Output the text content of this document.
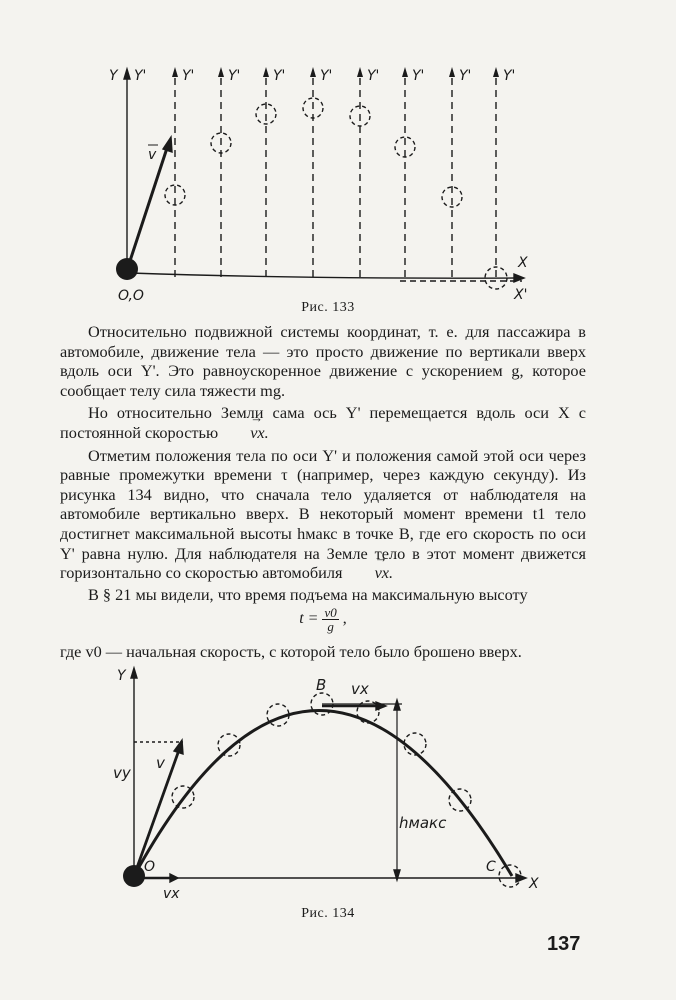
Y Y'	Y' Y' Y' Y' Y' Y' Y' Y'
v
O,O
X
X'
Рис. 133

Относительно подвижной системы координат, т. е. для пассажира в автомобиле, движение тела — это просто движение по вертикали вверх вдоль оси Y'. Это равноускоренное движение с ускорением g, которое сообщает телу сила тяжести mg.

Но относительно Земли сама ось Y' перемещается вдоль оси X с постоянной скоростью → vx.

Отметим положения тела по оси Y' и положения самой этой оси через равные промежутки времени τ (например, через каждую секунду). Из рисунка 134 видно, что сначала тело удаляется от наблюдателя на автомобиле вертикально вверх. В некоторый момент времени t1 тело достигнет максимальной высоты hмакс в точке B, где его скорость по оси Y' равна нулю. Для наблюдателя на Земле тело в этот момент движется горизонтально со скоростью автомобиля → vx.

В § 21 мы видели, что время подъема на максимальную высоту

$t = \frac{v0}{g}$ ,

где v0 — начальная скорость, с которой тело было брошено вверх.

Y
vy
v
B vx
hмакс
O	C
X
vx
Рис. 134
137
